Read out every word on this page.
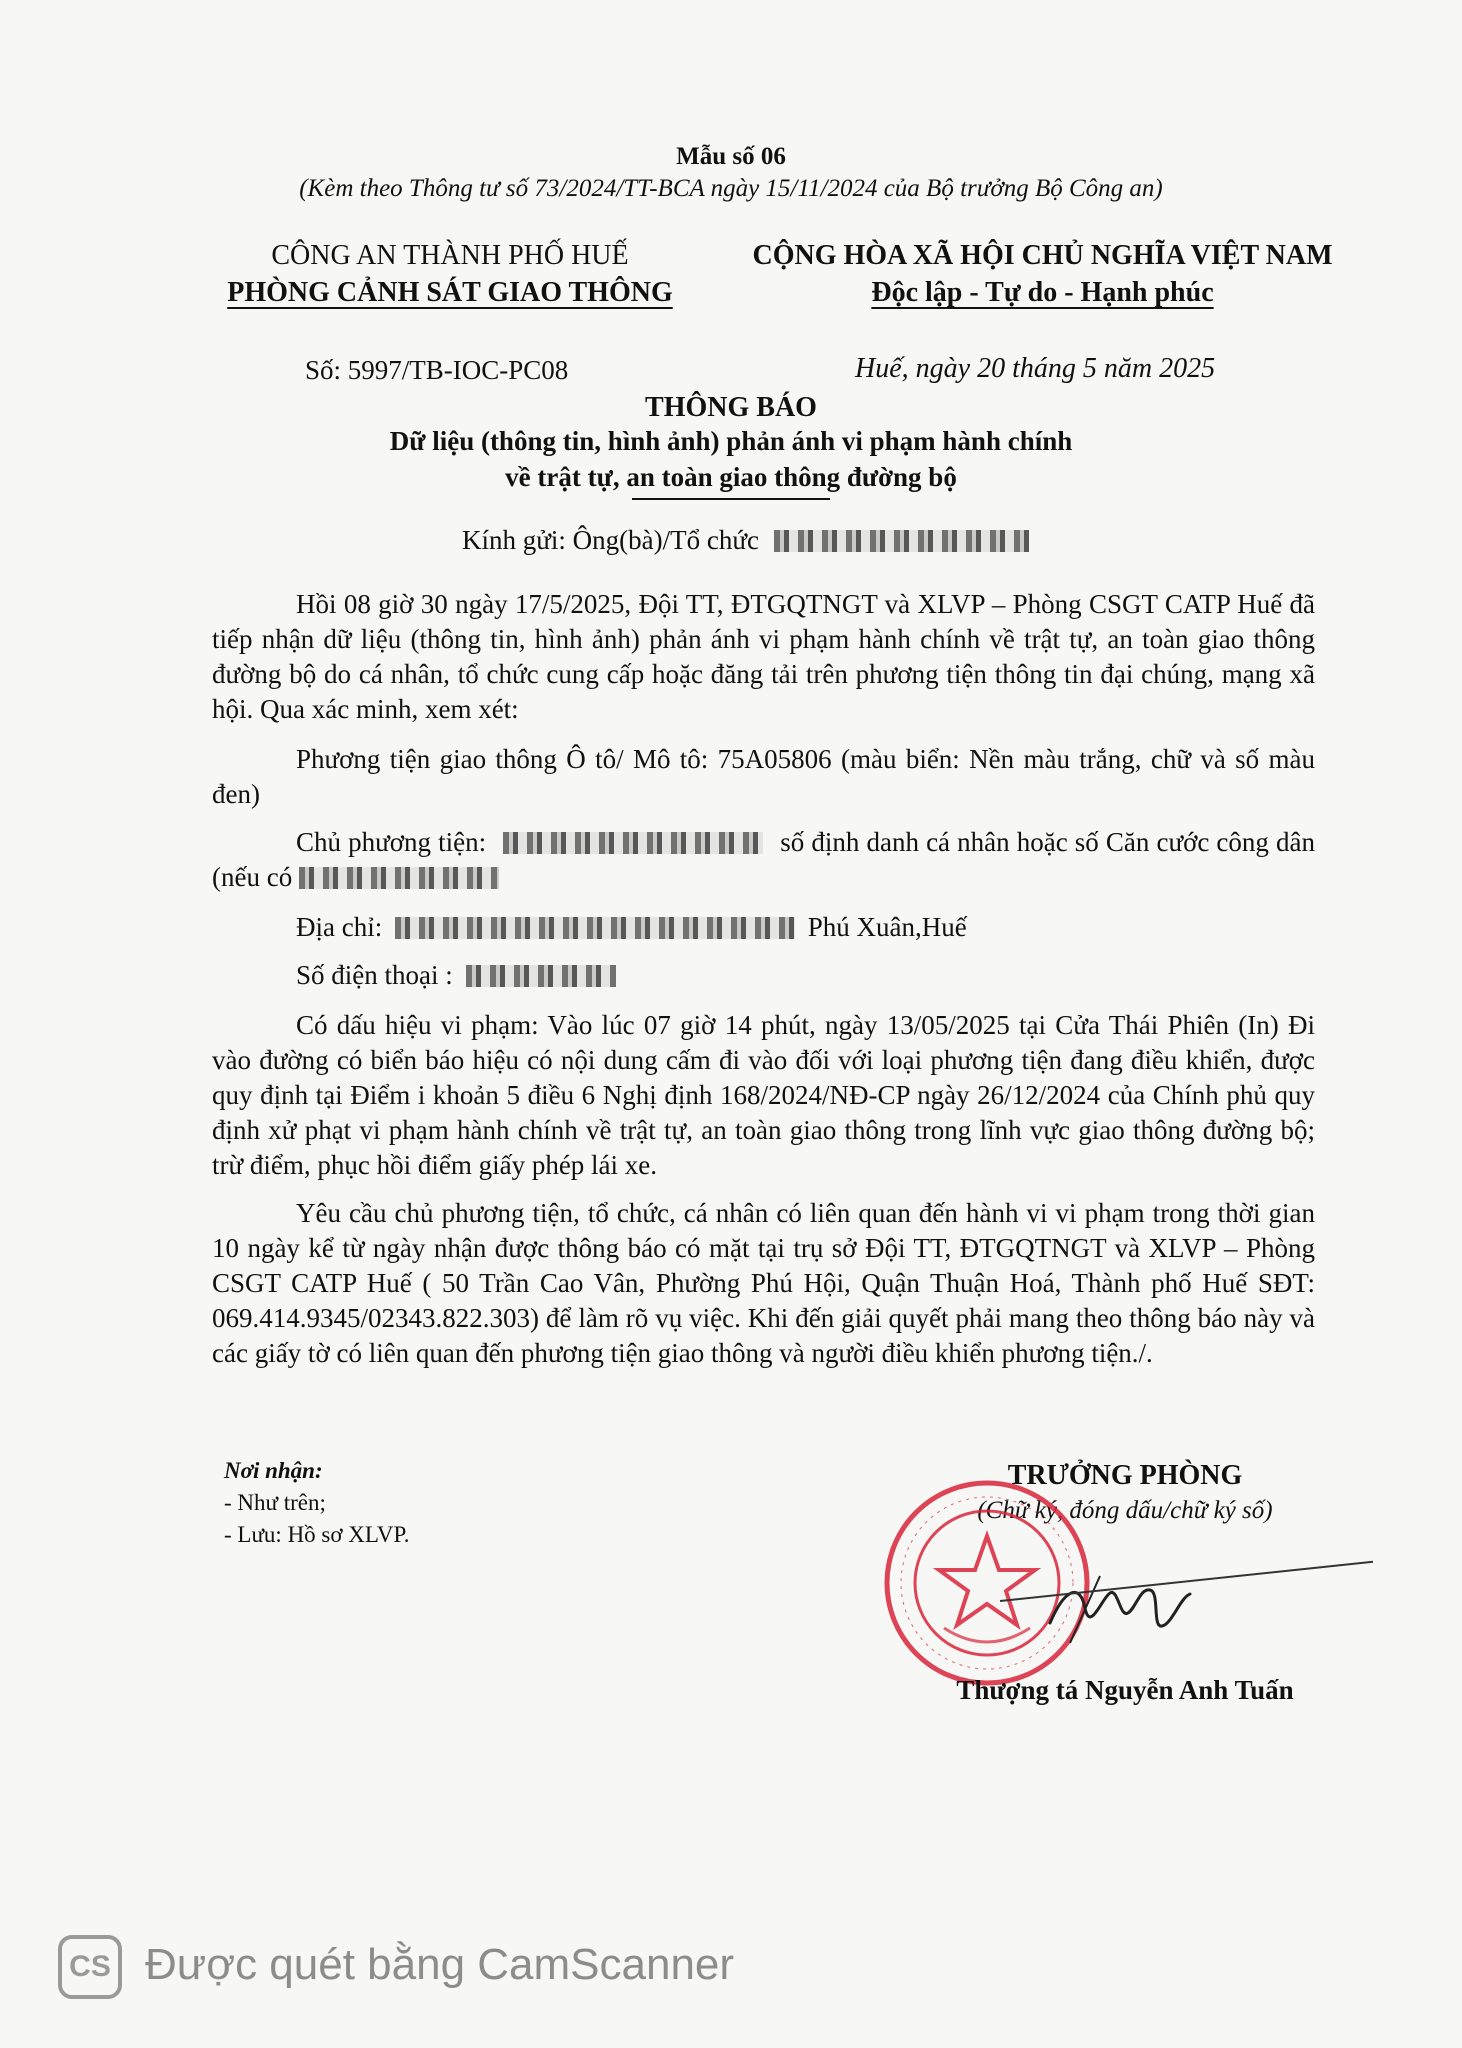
Mẫu số 06
(Kèm theo Thông tư số 73/2024/TT-BCA ngày 15/11/2024 của Bộ trưởng Bộ Công an)
CÔNG AN THÀNH PHỐ HUẾ
PHÒNG CẢNH SÁT GIAO THÔNG
CỘNG HÒA XÃ HỘI CHỦ NGHĨA VIỆT NAM
Độc lập - Tự do - Hạnh phúc
Số: 5997/TB-IOC-PC08	Huế, ngày 20 tháng 5 năm 2025
THÔNG BÁO
Dữ liệu (thông tin, hình ảnh) phản ánh vi phạm hành chính
về trật tự, an toàn giao thông đường bộ
Kính gửi: Ông(bà)/Tổ chức

Hồi 08 giờ 30 ngày 17/5/2025, Đội TT, ĐTGQTNGT và XLVP – Phòng CSGT CATP Huế đã tiếp nhận dữ liệu (thông tin, hình ảnh) phản ánh vi phạm hành chính về trật tự, an toàn giao thông đường bộ do cá nhân, tổ chức cung cấp hoặc đăng tải trên phương tiện thông tin đại chúng, mạng xã hội. Qua xác minh, xem xét:

Phương tiện giao thông Ô tô/ Mô tô: 75A05806 (màu biển: Nền màu trắng, chữ và số màu đen)

Chủ phương tiện:	số định danh cá nhân hoặc số Căn cước công dân (nếu có

Địa chỉ:	Phú Xuân,Huế

Số điện thoại :

Có dấu hiệu vi phạm: Vào lúc 07 giờ 14 phút, ngày 13/05/2025 tại Cửa Thái Phiên (In) Đi vào đường có biển báo hiệu có nội dung cấm đi vào đối với loại phương tiện đang điều khiển, được quy định tại Điểm i khoản 5 điều 6 Nghị định 168/2024/NĐ-CP ngày 26/12/2024 của Chính phủ quy định xử phạt vi phạm hành chính về trật tự, an toàn giao thông trong lĩnh vực giao thông đường bộ; trừ điểm, phục hồi điểm giấy phép lái xe.

Yêu cầu chủ phương tiện, tổ chức, cá nhân có liên quan đến hành vi vi phạm trong thời gian 10 ngày kể từ ngày nhận được thông báo có mặt tại trụ sở Đội TT, ĐTGQTNGT và XLVP – Phòng CSGT CATP Huế ( 50 Trần Cao Vân, Phường Phú Hội, Quận Thuận Hoá, Thành phố Huế SĐT: 069.414.9345/02343.822.303) để làm rõ vụ việc. Khi đến giải quyết phải mang theo thông báo này và các giấy tờ có liên quan đến phương tiện giao thông và người điều khiển phương tiện./.

Nơi nhận:
- Như trên;
- Lưu: Hồ sơ XLVP.
TRƯỞNG PHÒNG
(Chữ ký, đóng dấu/chữ ký số)
Thượng tá Nguyễn Anh Tuấn
CS Được quét bằng CamScanner
